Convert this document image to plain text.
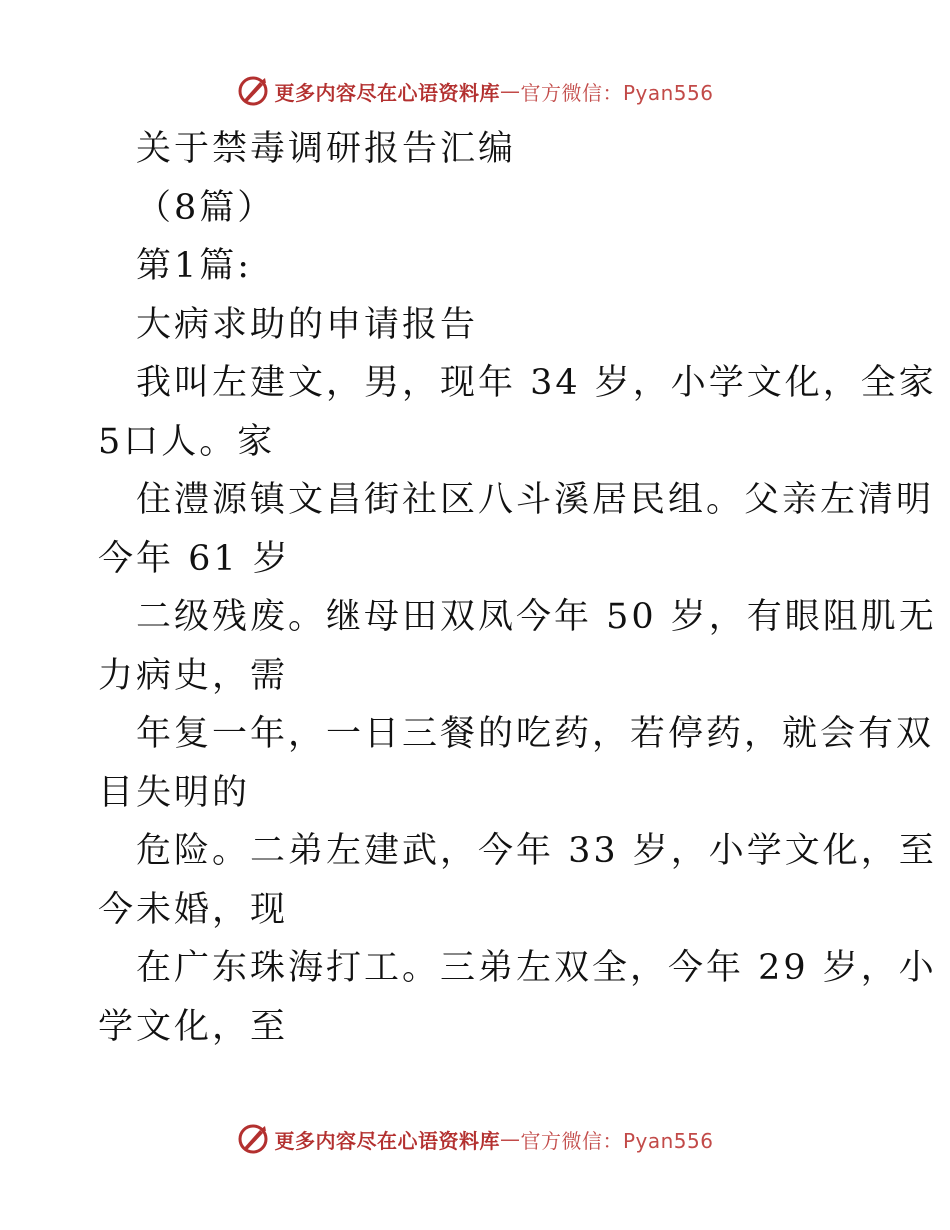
更多内容尽在心语资料库 — 官方微信：Pyan556
关于禁毒调研报告汇编
（8篇）
第1篇:
大病求助的申请报告
我叫左建文，男，现年 34 岁，小学文化，全家
5口人。家
住澧源镇文昌街社区八斗溪居民组。父亲左清明
今年 61 岁
二级残废。继母田双凤今年 50 岁，有眼阻肌无
力病史，需
年复一年，一日三餐的吃药，若停药，就会有双
目失明的
危险。二弟左建武，今年 33 岁，小学文化，至
今未婚，现
在广东珠海打工。三弟左双全，今年 29 岁，小
学文化，至
更多内容尽在心语资料库 — 官方微信：Pyan556
